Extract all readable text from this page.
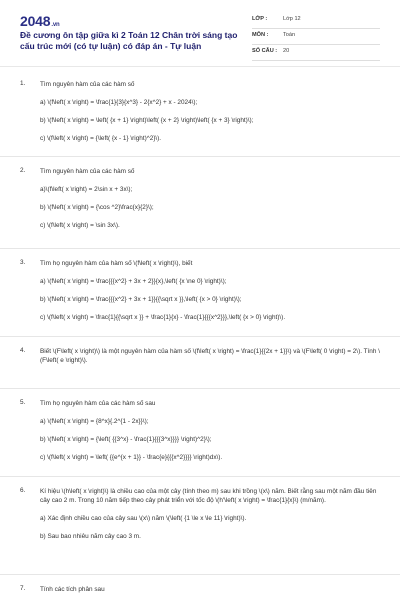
2048.vn
Đề cương ôn tập giữa kì 2 Toán 12 Chân trời sáng tạo cấu trúc mới (có tự luận) có đáp án - Tự luận
LỚP :	Lớp 12
MÔN :	Toán
SỐ CÂU : 20
1. Tìm nguyên hàm của các hàm số
a) \(f\left( x \right) = \frac{1}{3}{x^3} - 2{x^2} + x - 2024\);
b) \(f\left( x \right) = \left( {x + 1} \right)\left( {x + 2} \right)\left( {x + 3} \right)\);
c) \(f\left( x \right) = {\left( {x - 1} \right)^2}\).
2. Tìm nguyên hàm của các hàm số
a)\(f\left( x \right) = 2\sin x + 3x\);
b) \(f\left( x \right) = {\cos ^2}\frac{x}{2}\);
c) \(f\left( x \right) = \sin 3x\).
3. Tìm họ nguyên hàm của hàm số \(f\left( x \right)\), biết
a) \(f\left( x \right) = \frac{{{x^2} + 3x + 2}}{x},\left( {x \ne 0} \right)\);
b) \(f\left( x \right) = \frac{{{x^2} + 3x + 1}}{{\sqrt x }},\left( {x > 0} \right)\);
c) \(f\left( x \right) = \frac{1}{{\sqrt x }} + \frac{1}{x} - \frac{1}{{{x^2}}},\left( {x > 0} \right)\).
4. Biết \(F\left( x \right)\) là một nguyên hàm của hàm số \(f\left( x \right) = \frac{1}{{2x + 1}}\) và \(F\left( 0 \right) = 2\). Tính \(F\left( e \right)\).
5. Tìm họ nguyên hàm của các hàm số sau
a) \(f\left( x \right) = {8^x}{.2^{1 - 2x}}\);
b) \(f\left( x \right) = {\left( {{3^x} - \frac{1}{{{3^x}}}} \right)^2}\);
c) \(f\left( x \right) = \left( {{e^{x + 1}} - \frac{e}{{{x^2}}}} \right)dx\).
6. Kí hiệu \(h\left( x \right)\) là chiều cao của một cây (tính theo m) sau khi trồng \(x\) năm. Biết rằng sau một năm đầu tiên cây cao 2 m. Trong 10 năm tiếp theo cây phát triển với tốc độ \(h'\left( x \right) = \frac{1}{x}\) (m/năm).
a) Xác định chiều cao của cây sau \(x\) năm \(\left( {1 \le x \le 11} \right)\).
b) Sau bao nhiêu năm cây cao 3 m.
7. Tính các tích phân sau
